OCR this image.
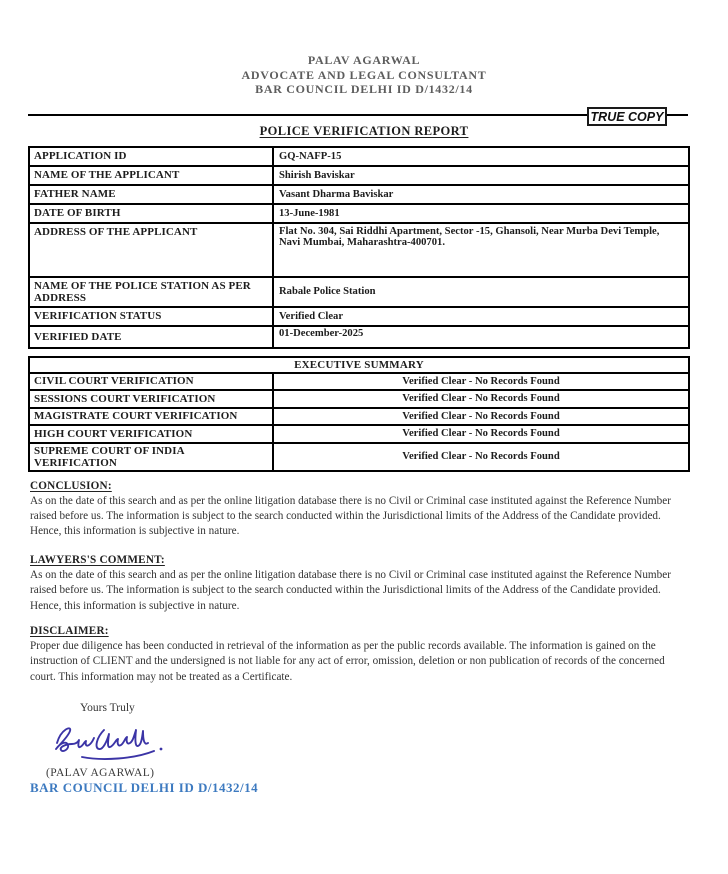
PALAV AGARWAL
ADVOCATE AND LEGAL CONSULTANT
BAR COUNCIL DELHI ID D/1432/14
TRUE COPY
POLICE VERIFICATION REPORT
APPLICATION ID	GQ-NAFP-15
NAME OF THE APPLICANT	Shirish Baviskar
FATHER NAME	Vasant Dharma Baviskar
DATE OF BIRTH	13-June-1981
ADDRESS OF THE APPLICANT	Flat No. 304, Sai Riddhi Apartment, Sector -15, Ghansoli, Near Murba Devi Temple, Navi Mumbai, Maharashtra-400701.
NAME OF THE POLICE STATION AS PER ADDRESS	Rabale Police Station
VERIFICATION STATUS	Verified Clear
VERIFIED DATE	01-December-2025
EXECUTIVE SUMMARY	
CIVIL COURT VERIFICATION	Verified Clear - No Records Found
SESSIONS COURT VERIFICATION	Verified Clear - No Records Found
MAGISTRATE COURT VERIFICATION	Verified Clear - No Records Found
HIGH COURT VERIFICATION	Verified Clear - No Records Found
SUPREME COURT OF INDIA VERIFICATION	Verified Clear - No Records Found
CONCLUSION:
As on the date of this search and as per the online litigation database there is no Civil or Criminal case instituted against the Reference Number raised before us. The information is subject to the search conducted within the Jurisdictional limits of the Address of the Candidate provided. Hence, this information is subjective in nature.
LAWYERS'S COMMENT:
As on the date of this search and as per the online litigation database there is no Civil or Criminal case instituted against the Reference Number raised before us. The information is subject to the search conducted within the Jurisdictional limits of the Address of the Candidate provided. Hence, this information is subjective in nature.
DISCLAIMER:
Proper due diligence has been conducted in retrieval of the information as per the public records available. The information is gained on the instruction of CLIENT and the undersigned is not liable for any act of error, omission, deletion or non publication of records of the concerned court. This information may not be treated as a Certificate.
Yours Truly
(PALAV AGARWAL)
BAR COUNCIL DELHI ID D/1432/14
